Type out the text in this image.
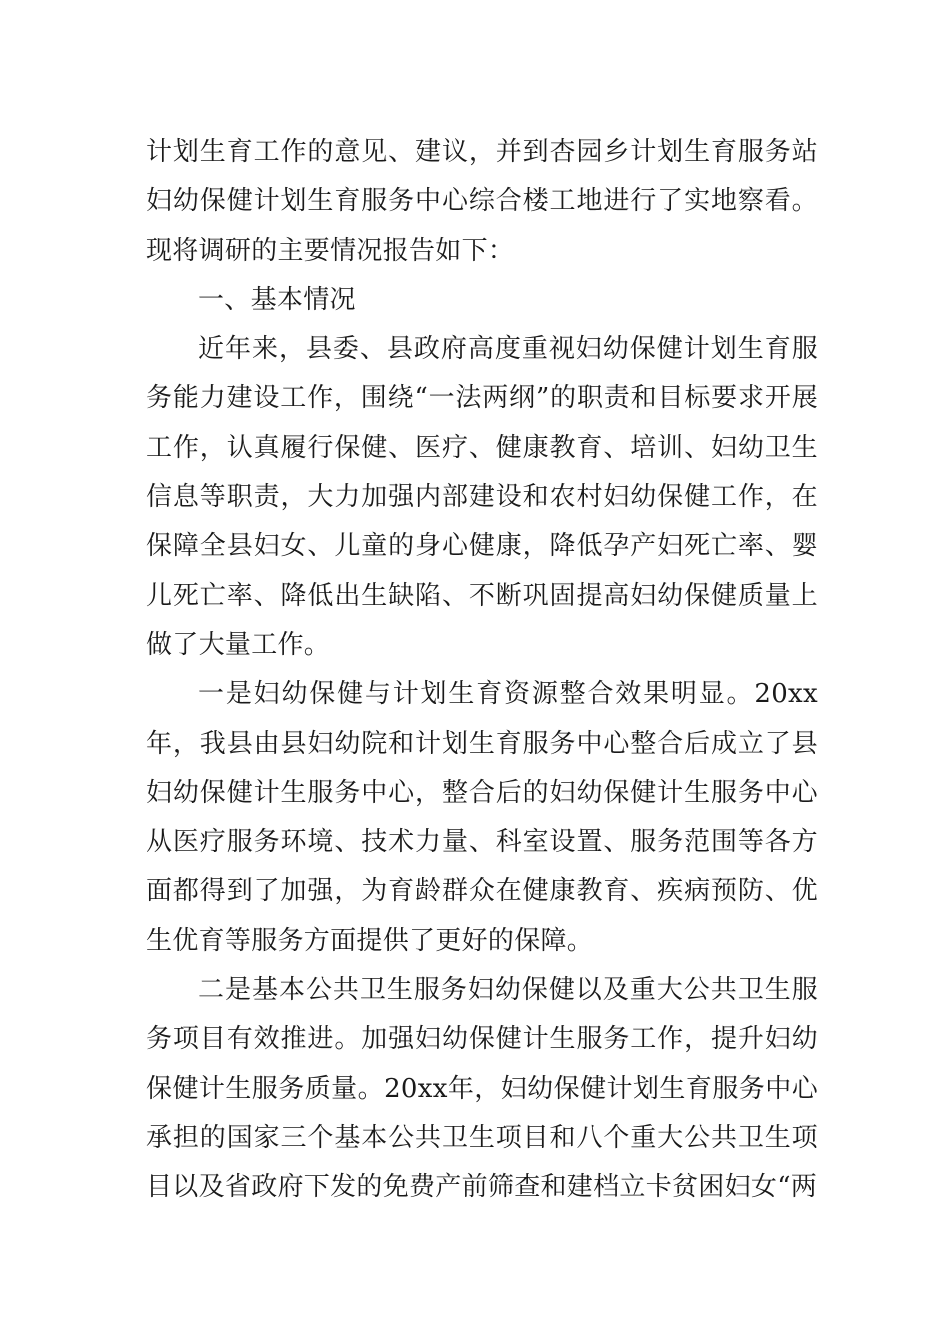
计划生育工作的意见、建议，并到杏园乡计划生育服务站妇幼保健计划生育服务中心综合楼工地进行了实地察看。现将调研的主要情况报告如下：

一、基本情况

近年来，县委、县政府高度重视妇幼保健计划生育服务能力建设工作，围绕“一法两纲”的职责和目标要求开展工作，认真履行保健、医疗、健康教育、培训、妇幼卫生信息等职责，大力加强内部建设和农村妇幼保健工作，在保障全县妇女、儿童的身心健康，降低孕产妇死亡率、婴儿死亡率、降低出生缺陷、不断巩固提高妇幼保健质量上做了大量工作。

一是妇幼保健与计划生育资源整合效果明显。20xx年，我县由县妇幼院和计划生育服务中心整合后成立了县妇幼保健计生服务中心，整合后的妇幼保健计生服务中心从医疗服务环境、技术力量、科室设置、服务范围等各方面都得到了加强，为育龄群众在健康教育、疾病预防、优生优育等服务方面提供了更好的保障。

二是基本公共卫生服务妇幼保健以及重大公共卫生服务项目有效推进。加强妇幼保健计生服务工作，提升妇幼保健计生服务质量。20xx年，妇幼保健计划生育服务中心承担的国家三个基本公共卫生项目和八个重大公共卫生项目以及省政府下发的免费产前筛查和建档立卡贫困妇女“两
